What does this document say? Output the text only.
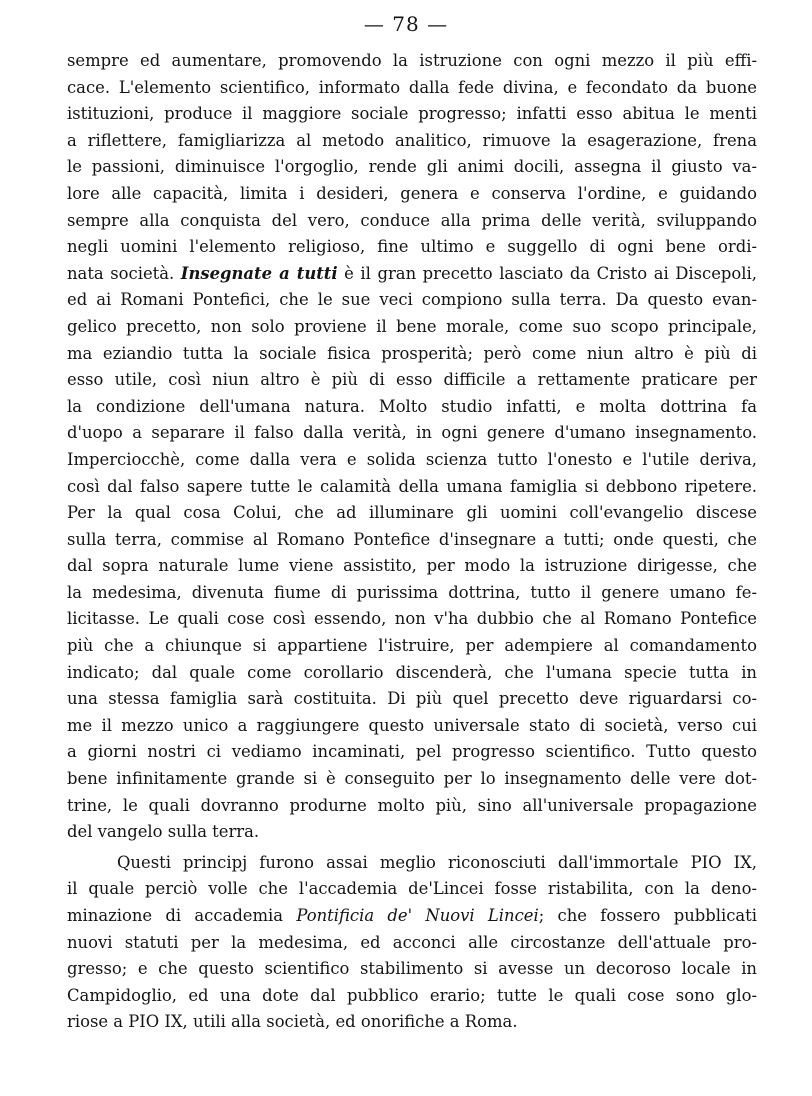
— 78 —
sempre ed aumentare, promovendo la istruzione con ogni mezzo il più effi-
cace. L'elemento scientifico, informato dalla fede divina, e fecondato da buone
istituzioni, produce il maggiore sociale progresso; infatti esso abitua le menti
a riflettere, famigliarizza al metodo analitico, rimuove la esagerazione, frena
le passioni, diminuisce l'orgoglio, rende gli animi docili, assegna il giusto va-
lore alle capacità, limita i desideri, genera e conserva l'ordine, e guidando
sempre alla conquista del vero, conduce alla prima delle verità, sviluppando
negli uomini l'elemento religioso, fine ultimo e suggello di ogni bene ordi-
nata società. Insegnate a tutti è il gran precetto lasciato da Cristo ai Discepoli,
ed ai Romani Pontefici, che le sue veci compiono sulla terra. Da questo evan-
gelico precetto, non solo proviene il bene morale, come suo scopo principale,
ma eziandio tutta la sociale fisica prosperità; però come niun altro è più di
esso utile, così niun altro è più di esso difficile a rettamente praticare per
la condizione dell'umana natura. Molto studio infatti, e molta dottrina fa
d'uopo a separare il falso dalla verità, in ogni genere d'umano insegnamento.
Imperciocchè, come dalla vera e solida scienza tutto l'onesto e l'utile deriva,
così dal falso sapere tutte le calamità della umana famiglia si debbono ripetere.
Per la qual cosa Colui, che ad illuminare gli uomini coll'evangelio discese
sulla terra, commise al Romano Pontefice d'insegnare a tutti; onde questi, che
dal sopra naturale lume viene assistito, per modo la istruzione dirigesse, che
la medesima, divenuta fiume di purissima dottrina, tutto il genere umano fe-
licitasse. Le quali cose così essendo, non v'ha dubbio che al Romano Pontefice
più che a chiunque si appartiene l'istruire, per adempiere al comandamento
indicato; dal quale come corollario discenderà, che l'umana specie tutta in
una stessa famiglia sarà costituita. Di più quel precetto deve riguardarsi co-
me il mezzo unico a raggiungere questo universale stato di società, verso cui
a giorni nostri ci vediamo incaminati, pel progresso scientifico. Tutto questo
bene infinitamente grande si è conseguito per lo insegnamento delle vere dot-
trine, le quali dovranno produrne molto più, sino all'universale propagazione
del vangelo sulla terra.
Questi principj furono assai meglio riconosciuti dall'immortale PIO IX,
il quale perciò volle che l'accademia de'Lincei fosse ristabilita, con la deno-
minazione di accademia Pontificia de' Nuovi Lincei; che fossero pubblicati
nuovi statuti per la medesima, ed acconci alle circostanze dell'attuale pro-
gresso; e che questo scientifico stabilimento si avesse un decoroso locale in
Campidoglio, ed una dote dal pubblico erario; tutte le quali cose sono glo-
riose a PIO IX, utili alla società, ed onorifiche a Roma.
